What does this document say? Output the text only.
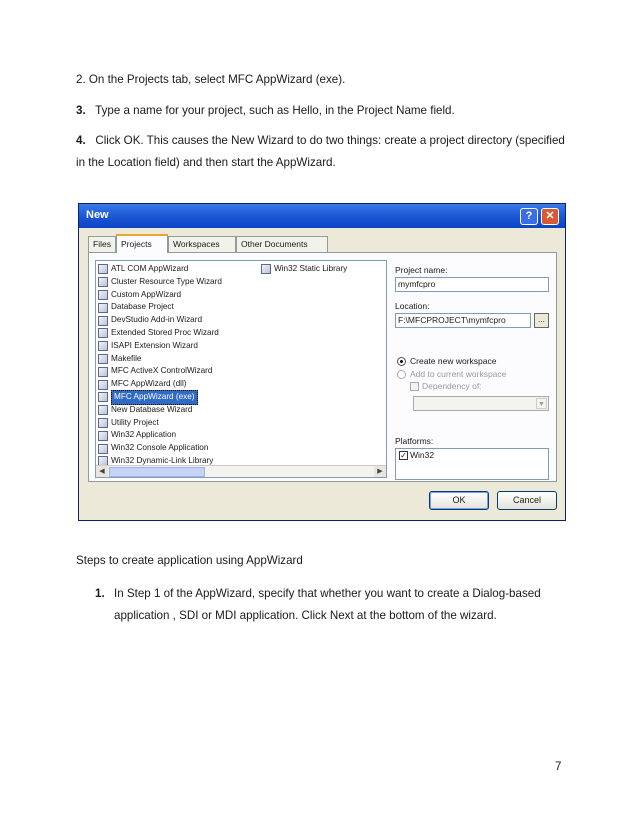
2. On the Projects tab, select MFC AppWizard (exe).

3. Type a name for your project, such as Hello, in the Project Name field.

4. Click OK. This causes the New Wizard to do two things: create a project directory (specified in the Location field) and then start the AppWizard.

New	?	✕
Files	Projects	Workspaces	Other Documents
ATL COM AppWizard
Cluster Resource Type Wizard
Custom AppWizard
Database Project
DevStudio Add-in Wizard
Extended Stored Proc Wizard
ISAPI Extension Wizard
Makefile
MFC ActiveX ControlWizard
MFC AppWizard (dll)
MFC AppWizard (exe)
New Database Wizard
Utility Project
Win32 Application
Win32 Console Application
Win32 Dynamic-Link Library
Win32 Static Library
◀	▶
Project name:
mymfcpro
Location:
F:\MFCPROJECT\mymfcpro	...
Create new workspace
Add to current workspace
Dependency of:
▼
Platforms:
✓ Win32
OK	Cancel

Steps to create application using AppWizard

1. In Step 1 of the AppWizard, specify that whether you want to create a Dialog-based
application , SDI or MDI application. Click Next at the bottom of the wizard.

7
